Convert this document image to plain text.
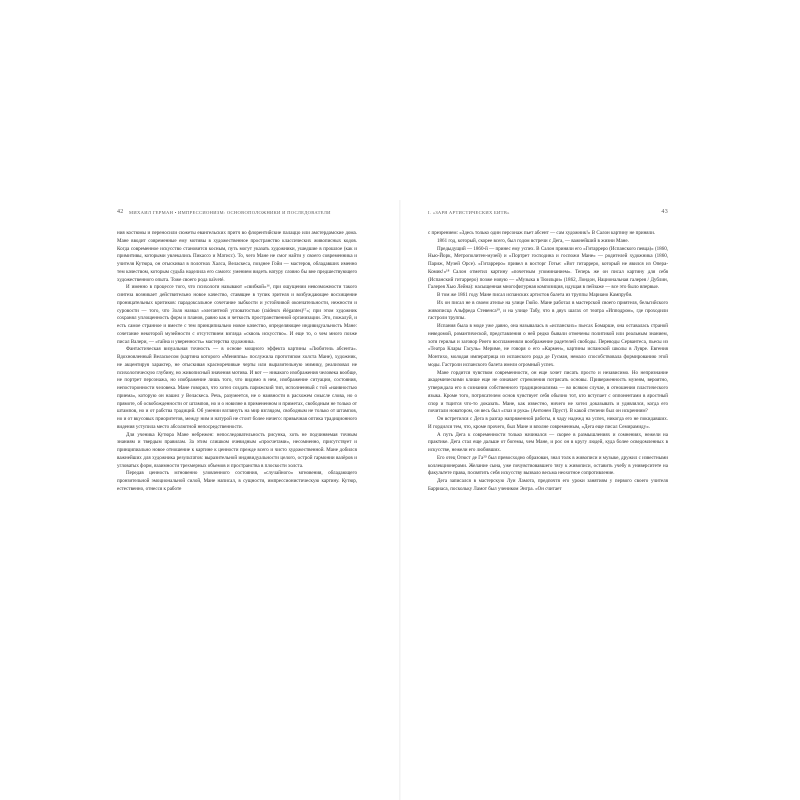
42 МИХАИЛ ГЕРМАН • ИМПРЕССИОНИЗМ: ОСНОВОПОЛОЖНИКИ И ПОСЛЕДОВАТЕЛИ

ния костюмы и переносили сюжеты евангельских притч во флорентийские палаццо или амстердамские дома. Мане вводит современные ему мотивы в художественное пространство классических живописных кодов. Когда современное искусство становится косным, путь могут указать художники, ушедшие в прошлое (как и примитивы, которыми увлекались Пикассо и Матисс). То, чего Мане не смог найти у своего современника и учителя Кутюра, он отыскивал в полотнах Халса, Веласкеса, позднее Гойи — мастеров, обладавших именно тем качеством, которым судьба наделила его самого: умением видеть натуру словно бы вне предшествующего художественного опыта. Тоже своего рода naïveté.

И именно в процессе того, что психологи называют «свибкой»¹⁶, при ощущении невозможности такого синтеза возникает действительно новое качество, ставящее в тупик зрителя и возбуждающее восхищение проницательных критиков: парадоксальное сочетание зыбкости и устойчивой окончательности, нежности и суровости — того, что Золя назвал «элегантной угловатостью (raideurs élégantes)¹⁷»; при этом художник сохранял уплощенность форм и планов, равно как и четкость пространственной организации. Это, пожалуй, и есть самое странное и вместе с тем принципиально новое качество, определяющее индивидуальность Мане: сочетание некоторой музейности с отсутствием взгляда «сквозь искусство». И еще то, о чем много позже писал Валери, — «тайна и уверенность» мастерства художника.

Фантастическая визуальная точность — в основе мощного эффекта картины «Любитель абсента». Вдохновленный Веласкесом (картина которого «Мениппы» послужила прототипом холста Мане), художник, не акцентируя характер, не отыскивая красноречивые черты или выразительную мимику, реализовал не психологическую глубину, но живописный значения мотива. И вот — никакого изображения человека вообще, не портрет персонажа, но изображение лишь того, что видимо в нем, изображение ситуации, состояния, непосторонности человека. Мане говорил, что хотел создать парижский тип, исполненный с той «наивностью приема», которую он нашел у Веласкеса. Речь, разумеется, не о наивности в расхожем смысле слова, но о прямоте, об освобожденности от штампов, но и о новизне в примененном и приметах, свободным не только от штампов, но и от рабства традиций. Об умении взглянуть на мир взглядом, свободным не только от штампов, но и от вкусовых приоритетов, между ним и натурой не стоит более ничего: привычная оптика традиционного видения уступила место абсолютной непосредственности.

Для ученика Кутюра Мане небрежен: непоследовательность рисунка, хоть не подчиняемая точным знаниям и твердым правилам. За этим слишком очевидным «просчетами», несомненно, присутствует и принципиально новое отношение к картине к ценности прежде всего и чисто художественной. Мане добился важнейших для художника результатов: выразительной индивидуальности целого, острой гармонии валёров и угловатых форм, взаимности трехмерных объемов и пространства в плоскости холста.

Передав ценность мгновенно уловленного состояния, «случайного» мгновения, обладающего пронзительной эмоциональной силой, Мане написал, в сущности, импрессионистическую картину. Кутюр, естественно, отнесся к работе

I. «ЗАРЯ АРТИСТИЧЕСКИХ БИТВ»	43

с презрением: «Здесь только один персонаж пьет абсент — сам художник!» В Салон картину не приняли.

1861 год, который, скорее всего, был годом встречи с Дега, — важнейший в жизни Мане.

Предыдущий — 1860-й — принес ему успех. В Салон приняли его «Гитарреро (Испанского певца)» (1860, Нью-Йорк, Метрополитен-музей) и «Портрет господина и госпожи Мане» — родителей художника (1860, Париж, Музей Орсе). «Гитарреро» привел в восторг Готье: «Вот гитарреро, который не явился из Опера-Комик!»¹⁸ Салон отметил картину «почетным упоминанием». Теперь же он писал картину для себя (Испанский гитарреро) позже новую — «Музыка в Тюильри» (1862, Лондон, Национальная галерея / Дублин, Галерея Хью Лейна): насыщенная многофигурная композиция, идущая в пейзаже — все это было впервые.

В том же 1861 году Мане писал испанских артистов балета из труппы Мариано Кампруби.

Их он писал не в своем ателье на улице Гюйо. Мане работал в мастерской своего приятеля, бельгийского живописца Альфреда Стевенса¹⁹, и на улице Табу, что в двух шагах от театра «Ипподром», где проходили гастроли труппы.

Испания была в моде уже давно, она называлась в «испанских» пьесах Бомарше, она оставалась страной неведомой, романтической, представления о ней редко бывали отмечены политикой или реальным знанием, хотя герилья и заговор Риего воспламеняли воображение радетелей свободы. Переводы Сервантеса, пьесы из «Театра Клары Гасуль» Мериме, не говоря о его «Кармен», картины испанской школы в Лувре. Евгения Монтихо, молодая императрица из испанского рода де Гусман, немало способствовала формированию этой моды. Гастроли испанского балета имели огромный успех.

Мане гордится чувством современности, он еще хочет писать просто и независимо. Но непризнание академическими клише еще не означает стремления потрясать основы. Приверженность музеям, вероятно, утверждала его в сознании собственного традиционализма — во всяком случае, в отношении пластического языка. Кроме того, потрясателем основ чувствует себя обычно тот, кто вступает с оппонентами в яростный спор и тщится что-то доказать. Мане, как известно, ничего не хотел доказывать и удивлялся, когда его почитали новатором, он весь был «глаз и рука» (Антонен Пруст). В какой степени был он искренним?

Он встретился с Дега в разгар напряженной работы, в чаду надежд на успех, никогда его не покидавших. И гордился тем, что, кроме прочего, был Мане и вполне современным, «Дега еще писал Семирамиду».

А путь Дега к современности только начинался — скорее в размышлениях и сомнениях, нежели на практике. Дега стал еще дальше от богемы, чем Мане, и рос он в кругу людей, куда более осведомленных в искусстве, нежели его любивших.

Его отец Огюст де Га²⁰ был превосходно образован, знал толк в живописи и музыке, дружил с известными коллекционерами. Желание сына, уже почувствовавшего тягу к живописи, оставить учебу в университете на факультете права, посвятить себя искусству вызвало весьма неохотное сопротивление.

Дега записался в мастерскую Луи Ламота, предпочтя его уроки занятиям у первого своего учителя Барриаса, поскольку Ламот был учеником Энгра. «Он считает
